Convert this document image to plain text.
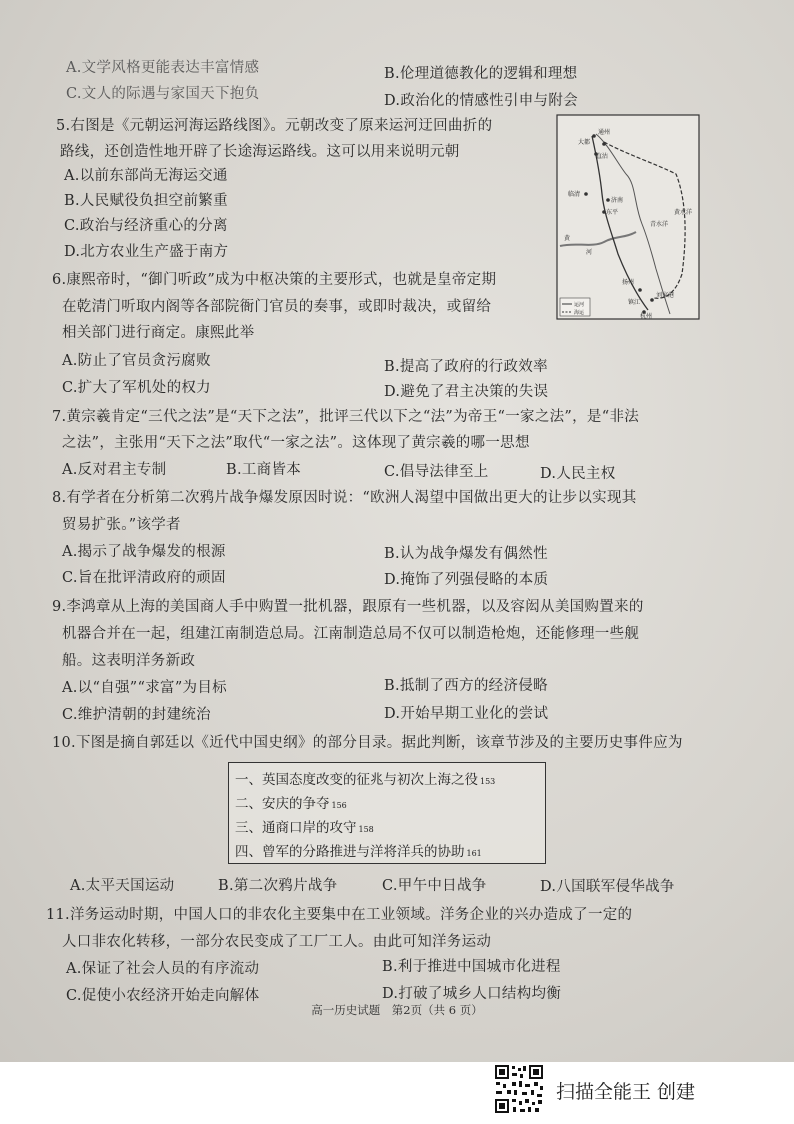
A.文学风格更能表达丰富情感	B.伦理道德教化的逻辑和理想
C.文人的际遇与家国天下抱负	D.政治化的情感性引申与附会
5.右图是《元朝运河海运路线图》。元朝改变了原来运河迂回曲折的
路线，还创造性地开辟了长途海运路线。这可以用来说明元朝
A.以前东部尚无海运交通
B.人民赋役负担空前繁重
C.政治与经济重心的分离
D.北方农业生产盛于南方
通州
大都
直沽
临清
济南
东平
黄
河
黄水洋
青水洋
扬州
镇江
刘家港
杭州
运河
海运
6.康熙帝时，“御门听政”成为中枢决策的主要形式，也就是皇帝定期
在乾清门听取内阁等各部院衙门官员的奏事，或即时裁决，或留给
相关部门进行商定。康熙此举
A.防止了官员贪污腐败	B.提高了政府的行政效率
C.扩大了军机处的权力	D.避免了君主决策的失误
7.黄宗羲肯定“三代之法”是“天下之法”，批评三代以下之“法”为帝王“一家之法”，是“非法
之法”，主张用“天下之法”取代“一家之法”。这体现了黄宗羲的哪一思想
A.反对君主专制	B.工商皆本	C.倡导法律至上	D.人民主权
8.有学者在分析第二次鸦片战争爆发原因时说：“欧洲人渴望中国做出更大的让步以实现其
贸易扩张。”该学者
A.揭示了战争爆发的根源	B.认为战争爆发有偶然性
C.旨在批评清政府的顽固	D.掩饰了列强侵略的本质
9.李鸿章从上海的美国商人手中购置一批机器，跟原有一些机器，以及容闳从美国购置来的
机器合并在一起，组建江南制造总局。江南制造总局不仅可以制造枪炮，还能修理一些舰
船。这表明洋务新政
A.以“自强”“求富”为目标	B.抵制了西方的经济侵略
C.维护清朝的封建统治	D.开始早期工业化的尝试
10.下图是摘自郭廷以《近代中国史纲》的部分目录。据此判断，该章节涉及的主要历史事件应为
一、英国态度改变的征兆与初次上海之役 153
二、安庆的争夺 156
三、通商口岸的攻守 158
四、曾军的分路推进与洋将洋兵的协助 161
A.太平天国运动	B.第二次鸦片战争	C.甲午中日战争	D.八国联军侵华战争
11.洋务运动时期，中国人口的非农化主要集中在工业领域。洋务企业的兴办造成了一定的
人口非农化转移，一部分农民变成了工厂工人。由此可知洋务运动
A.保证了社会人员的有序流动	B.利于推进中国城市化进程
C.促使小农经济开始走向解体	D.打破了城乡人口结构均衡
高一历史试题　第2页（共 6 页）
扫描全能王 创建
